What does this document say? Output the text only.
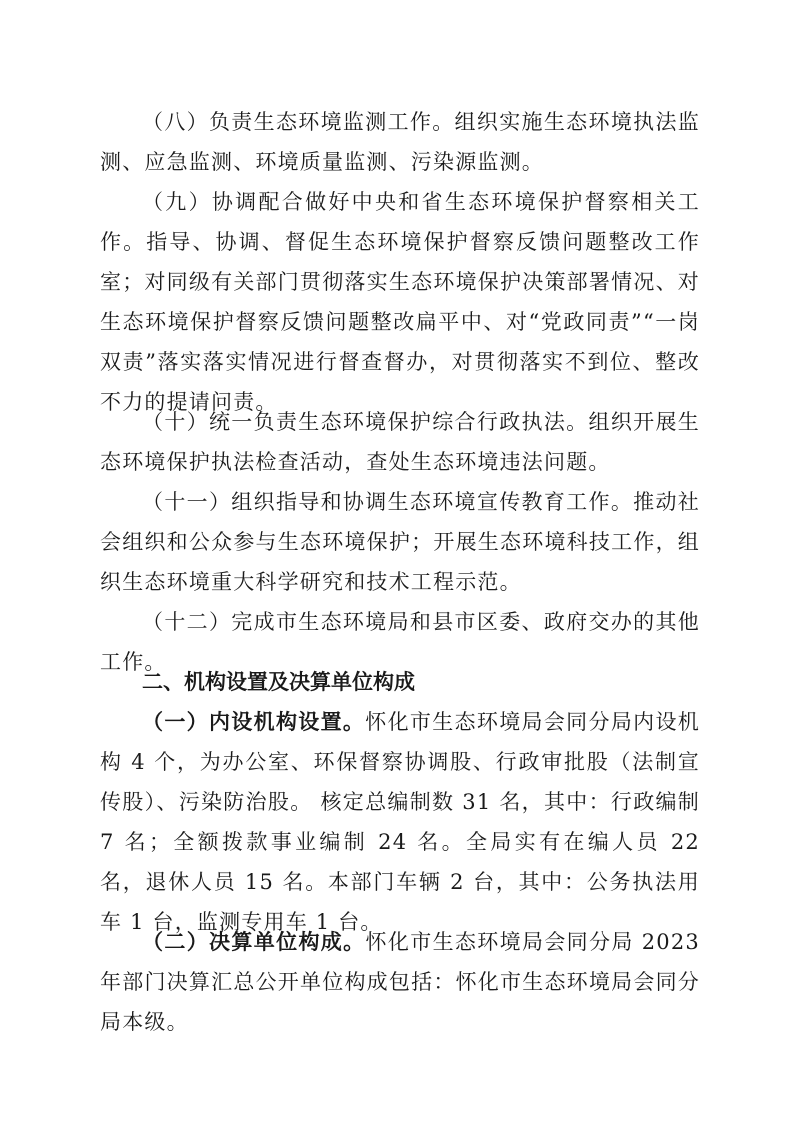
（八）负责生态环境监测工作。组织实施生态环境执法监测、应急监测、环境质量监测、污染源监测。

（九）协调配合做好中央和省生态环境保护督察相关工作。指导、协调、督促生态环境保护督察反馈问题整改工作室；对同级有关部门贯彻落实生态环境保护决策部署情况、对生态环境保护督察反馈问题整改扁平中、对“党政同责”“一岗双责”落实落实情况进行督查督办，对贯彻落实不到位、整改不力的提请问责。

（十）统一负责生态环境保护综合行政执法。组织开展生态环境保护执法检查活动，查处生态环境违法问题。

（十一）组织指导和协调生态环境宣传教育工作。推动社会组织和公众参与生态环境保护；开展生态环境科技工作，组织生态环境重大科学研究和技术工程示范。

（十二）完成市生态环境局和县市区委、政府交办的其他工作。

二、机构设置及决算单位构成

（一）内设机构设置。怀化市生态环境局会同分局内设机构 4 个，为办公室、环保督察协调股、行政审批股（法制宣传股）、污染防治股。 核定总编制数 31 名，其中：行政编制 7 名；全额拨款事业编制 24 名。全局实有在编人员 22 名，退休人员 15 名。本部门车辆 2 台，其中：公务执法用车 1 台，监测专用车 1 台。

（二）决算单位构成。怀化市生态环境局会同分局 2023 年部门决算汇总公开单位构成包括：怀化市生态环境局会同分局本级。
